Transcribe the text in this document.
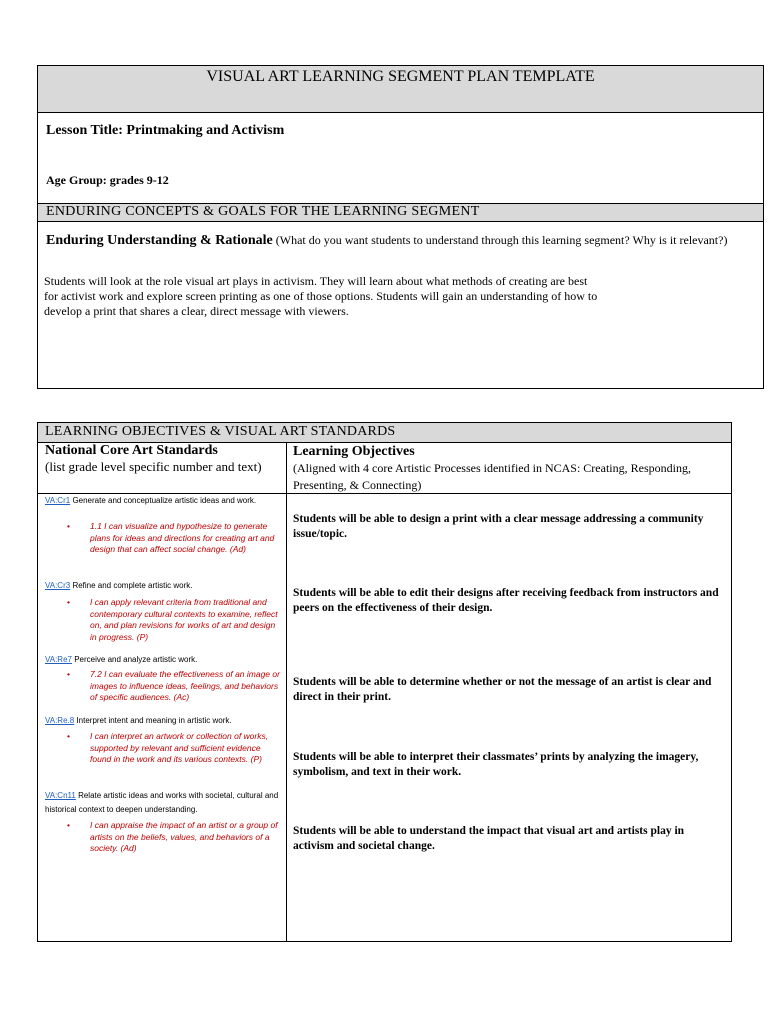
VISUAL ART LEARNING SEGMENT PLAN TEMPLATE
Lesson Title: Printmaking and Activism
Age Group: grades 9-12
ENDURING CONCEPTS & GOALS FOR THE LEARNING SEGMENT
Enduring Understanding & Rationale (What do you want students to understand through this learning segment? Why is it relevant?)
Students will look at the role visual art plays in activism. They will learn about what methods of creating are best
for activist work and explore screen printing as one of those options. Students will gain an understanding of how to
develop a print that shares a clear, direct message with viewers.
LEARNING OBJECTIVES & VISUAL ART STANDARDS
National Core Art Standards
(list grade level specific number and text)
Learning Objectives
(Aligned with 4 core Artistic Processes identified in NCAS: Creating, Responding, Presenting, & Connecting)
VA:Cr1 Generate and conceptualize artistic ideas and work.
• 1.1 I can visualize and hypothesize to generate plans for ideas and directions for creating art and design that can affect social change. (Ad)
VA:Cr3 Refine and complete artistic work.
• I can apply relevant criteria from traditional and contemporary cultural contexts to examine, reflect on, and plan revisions for works of art and design in progress. (P)
VA:Re7 Perceive and analyze artistic work.
• 7.2 I can evaluate the effectiveness of an image or images to influence ideas, feelings, and behaviors of specific audiences. (Ac)
VA:Re.8 Interpret intent and meaning in artistic work.
• I can interpret an artwork or collection of works, supported by relevant and sufficient evidence found in the work and its various contexts. (P)
VA:Cn11 Relate artistic ideas and works with societal, cultural and historical context to deepen understanding.
• I can appraise the impact of an artist or a group of artists on the beliefs, values, and behaviors of a society. (Ad)
Students will be able to design a print with a clear message addressing a community issue/topic.
Students will be able to edit their designs after receiving feedback from instructors and peers on the effectiveness of their design.
Students will be able to determine whether or not the message of an artist is clear and direct in their print.
Students will be able to interpret their classmates’ prints by analyzing the imagery, symbolism, and text in their work.
Students will be able to understand the impact that visual art and artists play in activism and societal change.
